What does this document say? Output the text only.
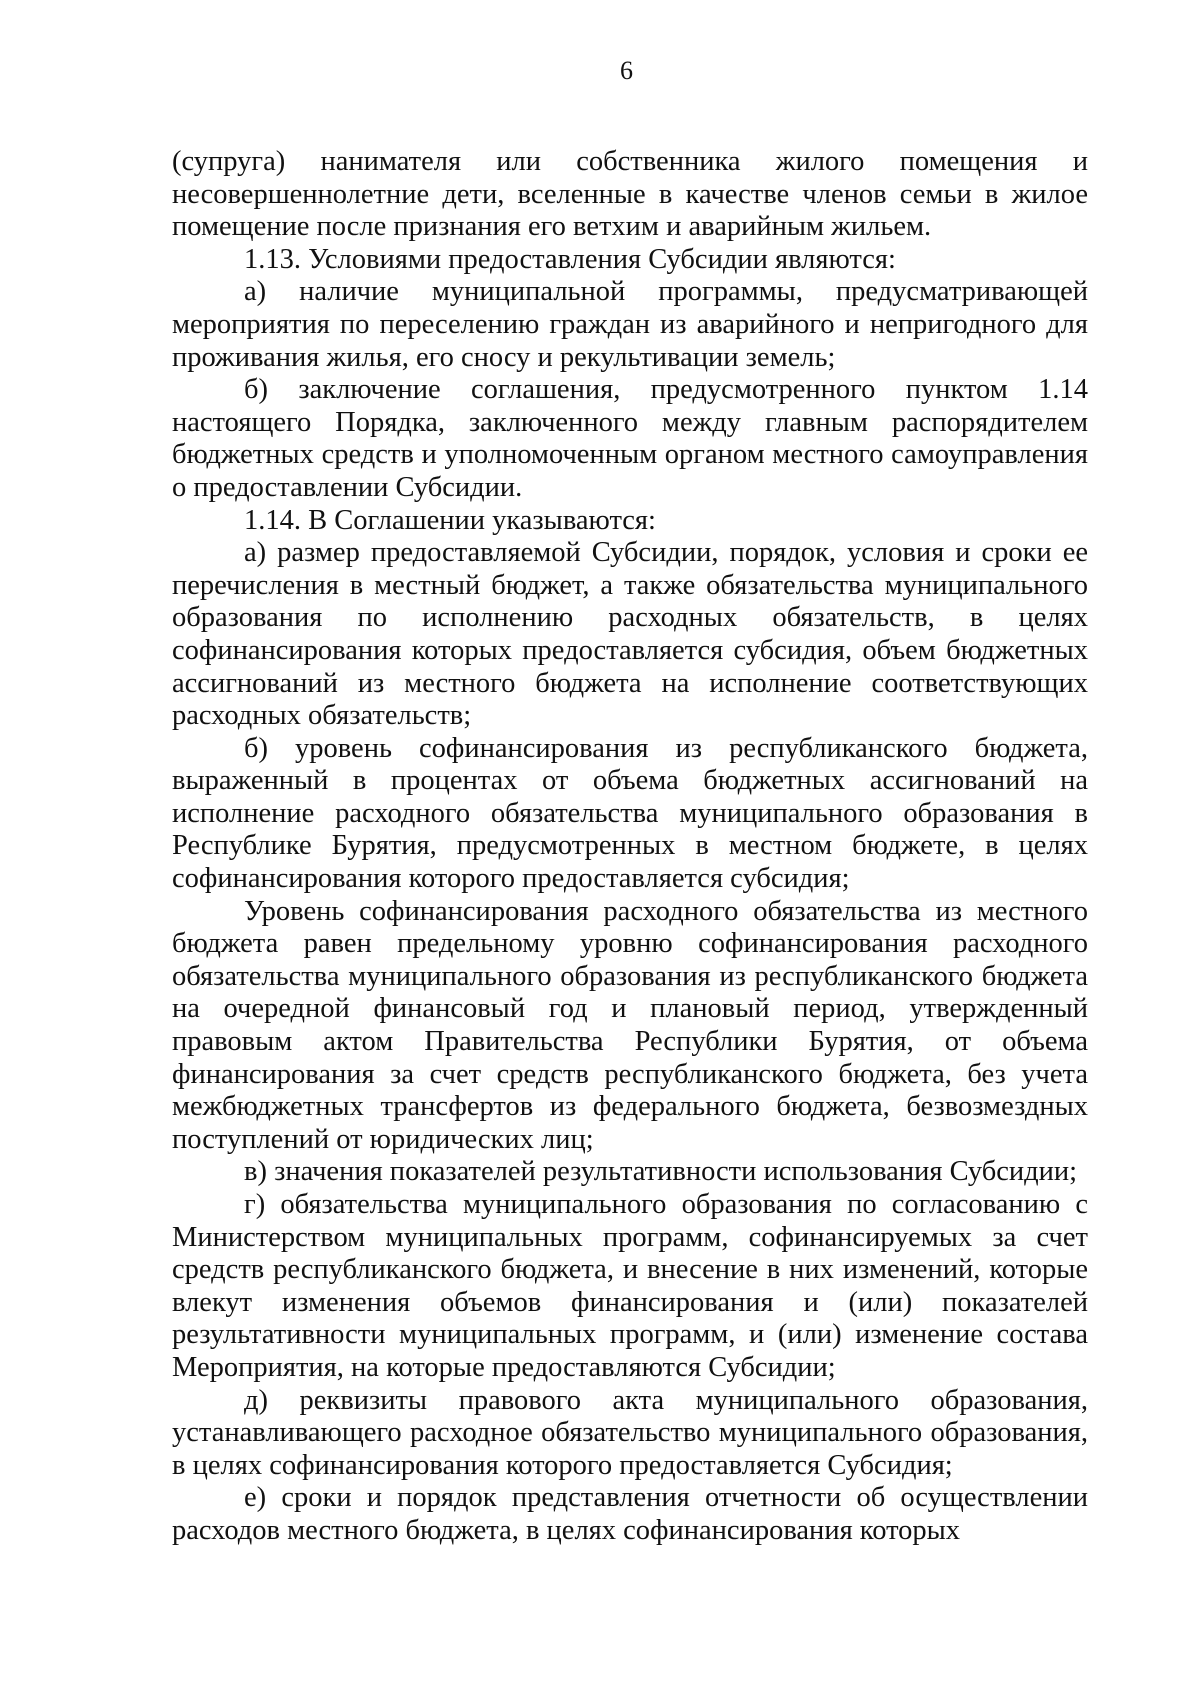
6

(супруга) нанимателя или собственника жилого помещения и несовершеннолетние дети, вселенные в качестве членов семьи в жилое помещение после признания его ветхим и аварийным жильем.

1.13. Условиями предоставления Субсидии являются:

а) наличие муниципальной программы, предусматривающей мероприятия по переселению граждан из аварийного и непригодного для проживания жилья, его сносу и рекультивации земель;

б) заключение соглашения, предусмотренного пунктом 1.14 настоящего Порядка, заключенного между главным распорядителем бюджетных средств и уполномоченным органом местного самоуправления о предоставлении Субсидии.

1.14. В Соглашении указываются:

а) размер предоставляемой Субсидии, порядок, условия и сроки ее перечисления в местный бюджет, а также обязательства муниципального образования по исполнению расходных обязательств, в целях софинансирования которых предоставляется субсидия, объем бюджетных ассигнований из местного бюджета на исполнение соответствующих расходных обязательств;

б) уровень софинансирования из республиканского бюджета, выраженный в процентах от объема бюджетных ассигнований на исполнение расходного обязательства муниципального образования в Республике Бурятия, предусмотренных в местном бюджете, в целях софинансирования которого предоставляется субсидия;

Уровень софинансирования расходного обязательства из местного бюджета равен предельному уровню софинансирования расходного обязательства муниципального образования из республиканского бюджета на очередной финансовый год и плановый период, утвержденный правовым актом Правительства Республики Бурятия, от объема финансирования за счет средств республиканского бюджета, без учета межбюджетных трансфертов из федерального бюджета, безвозмездных поступлений от юридических лиц;

в) значения показателей результативности использования Субсидии;

г) обязательства муниципального образования по согласованию с Министерством муниципальных программ, софинансируемых за счет средств республиканского бюджета, и внесение в них изменений, которые влекут изменения объемов финансирования и (или) показателей результативности муниципальных программ, и (или) изменение состава Мероприятия, на которые предоставляются Субсидии;

д) реквизиты правового акта муниципального образования, устанавливающего расходное обязательство муниципального образования, в целях софинансирования которого предоставляется Субсидия;

е) сроки и порядок представления отчетности об осуществлении расходов местного бюджета, в целях софинансирования которых
